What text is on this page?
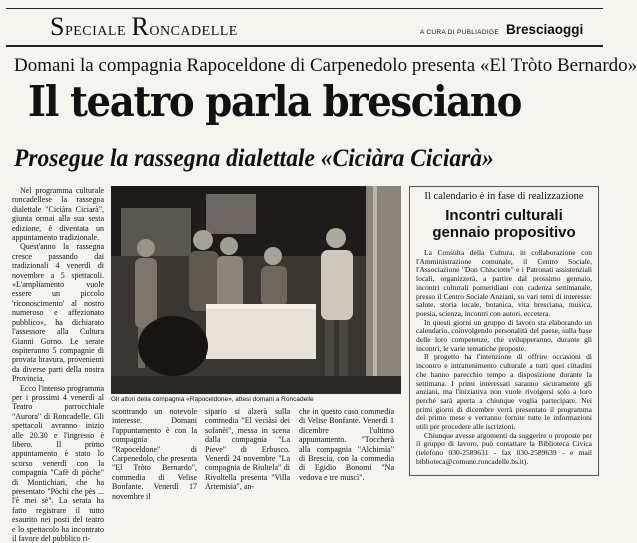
Speciale Roncadelle	A CURA DI PUBLIADIGE Bresciaoggi
Domani la compagnia Rapoceldone di Carpenedolo presenta «El Tròto Bernardo»
Il teatro parla bresciano
Prosegue la rassegna dialettale «Ciciàra Ciciarà»

Nel programma culturale roncadellese la rassegna dialettale "Ciciàra Ciciarà", giunta ormai alla sua sesta edizione, è diventata un appuntamento tradizionale.

Quest'anno la rassegna cresce passando dai tradizionali 4 venerdì di novembre a 5 spettacoli. «L'ampliamento vuole essere un piccolo 'riconoscimento' al nostro numeroso e affezionato pubblico», ha dichiarato l'assessore alla Cultura Gianni Gorno. Le serate ospiteranno 5 compagnie di provata bravura, provenienti da diverse parti della nostra Provincia.

Ecco l'intenso programma per i prossimi 4 venerdì al Teatro parrocchiale "Aurora" di Roncadelle. Gli spettacoli avranno inizio alle 20.30 e l'ingresso è libero. Il primo appuntamento è stato lo scorso venerdì con la compagnia "Cafè di pòche" di Montichiari, che ha presentato "Pòchi che pès ... l'è mei sè". La serata ha fatto registrare il tutto esaurito nei posti del teatro e lo spettacolo ha incontrato il favore del pubblico ri-

Gli attori della compagnia «Rapoceldone», attesi domani a Roncadelle

scontrando un notevole interesse. Domani l'appuntamento è con la compagnia "Rapoceldone" di Carpenedolo, che presenta "El Tròto Bernardo", commedia di Velise Bonfante. Venerdì 17 novembre il

sipario si alzerà sulla commedia "El veciàsì dei sofanèi", messa in scena dalla compagnia "La Pieve" di Erbusco. Venerdì 24 novembre "La compagnia de Riultela" di Rivoltella presenta "Villa Artemisia", an-

che in questo caso commedia di Velise Bonfante. Venerdì 1 dicembre l'ultimo appuntamento. "Toccherà alla compagnia "Alchimia" di Brescia, con la commedia di Egidio Bonomi "Na vedova e tre muscì".

Il calendario è in fase di realizzazione
Incontri culturali gennaio propositivo

La Consulta della Cultura, in collaborazione con l'Amministrazione comunale, il Centro Sociale, l'Associazione "Don Chisciotte" e i Patronati assistenziali locali, organizzerà, a partire dal prossimo gennaio, incontri culturali pomeridiani con cadenza settimanale, presso il Centro Sociale Anziani, su vari temi di interesse: salute, storia locale, botanica, vita bresciana, musica, poesia, scienza, incontri con autori, eccetera.

In questi giorni un gruppo di lavoro sta elaborando un calendario, coinvolgendo personalità del paese, sulla base delle loro competenze, che svilupperanno, durante gli incontri, le varie tematiche proposte.

Il progetto ha l'intenzione di offrire occasioni di incontro e intrattenimento culturale a tutti quei cittadini che hanno parecchio tempo a disposizione durante la settimana. I primi interessati saranno sicuramente gli anziani, ma l'iniziativa non vuole rivolgersi solo a loro perché sarà aperta a chiunque voglia partecipare. Nei primi giorni di dicembre verrà presentato il programma del primo mese e verranno fornite tutte le informazioni utili per procedere alle iscrizioni.

Chiunque avesse argomenti da suggerire o proposte per il gruppo di lavoro, può contattare la Biblioteca Civica (telefono 030-2589631 - fax 030-2589639 - e mail biblioteca@comune.roncadelle.bs.it).
